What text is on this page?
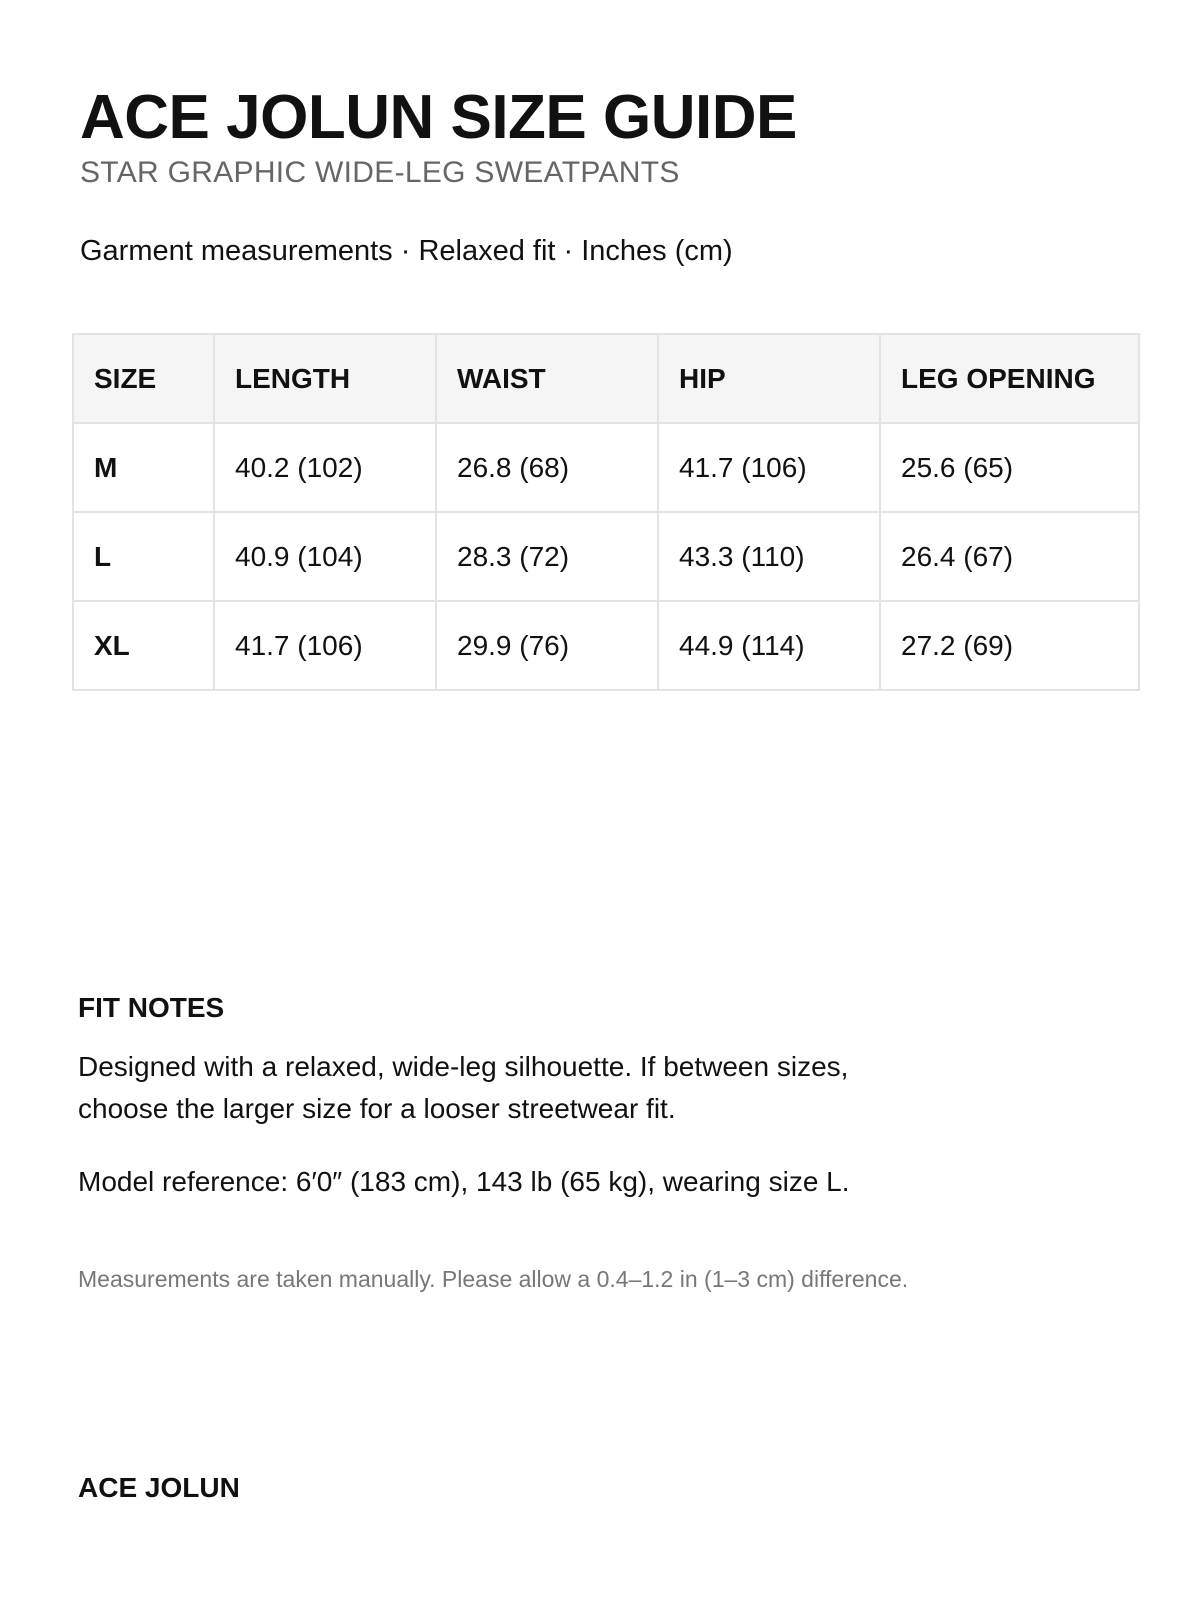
ACE JOLUN SIZE GUIDE
STAR GRAPHIC WIDE-LEG SWEATPANTS
Garment measurements · Relaxed fit · Inches (cm)
SIZE	LENGTH	WAIST	HIP	LEG OPENING
M	40.2 (102)	26.8 (68)	41.7 (106)	25.6 (65)
L	40.9 (104)	28.3 (72)	43.3 (110)	26.4 (67)
XL	41.7 (106)	29.9 (76)	44.9 (114)	27.2 (69)
FIT NOTES
Designed with a relaxed, wide-leg silhouette. If between sizes, choose the larger size for a looser streetwear fit.
Model reference: 6′0″ (183 cm), 143 lb (65 kg), wearing size L.
Measurements are taken manually. Please allow a 0.4–1.2 in (1–3 cm) difference.
ACE JOLUN
